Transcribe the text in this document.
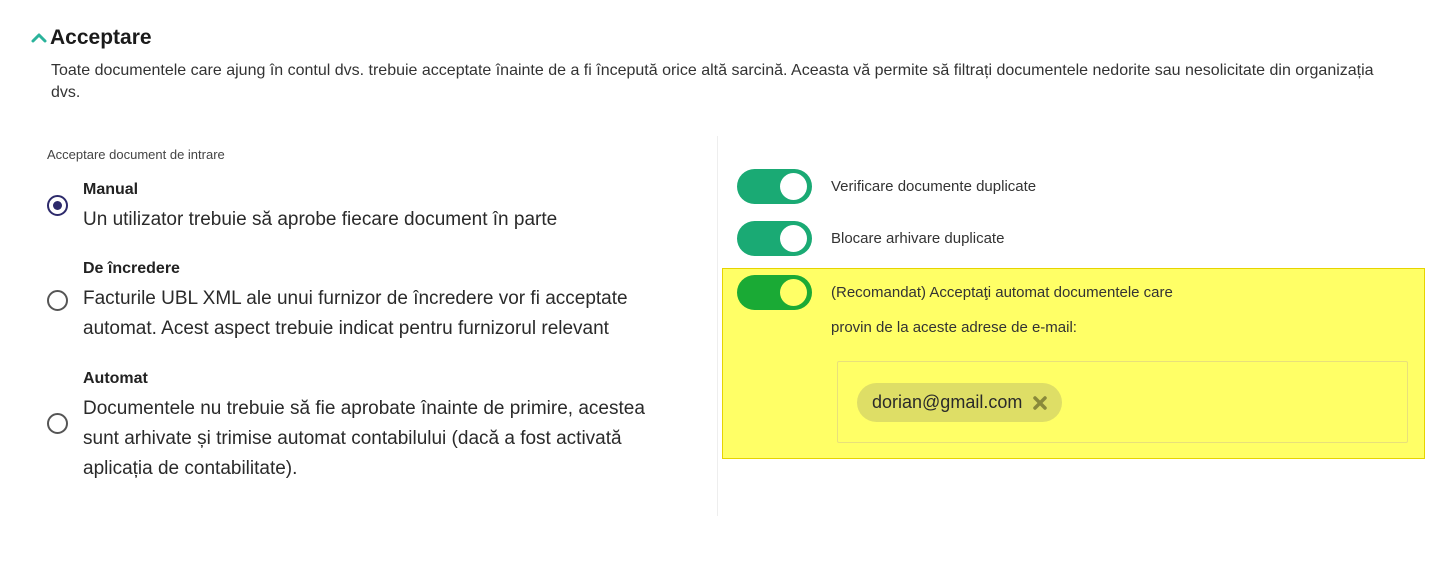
Acceptare
Toate documentele care ajung în contul dvs. trebuie acceptate înainte de a fi începută orice altă sarcină. Aceasta vă permite să filtrați documentele nedorite sau nesolicitate din organizația dvs.
Acceptare document de intrare
Manual
Un utilizator trebuie să aprobe fiecare document în parte
De încredere
Facturile UBL XML ale unui furnizor de încredere vor fi acceptate automat. Acest aspect trebuie indicat pentru furnizorul relevant
Automat
Documentele nu trebuie să fie aprobate înainte de primire, acestea sunt arhivate și trimise automat contabilului (dacă a fost activată aplicația de contabilitate).
Verificare documente duplicate
Blocare arhivare duplicate
(Recomandat) Acceptaţi automat documentele care
provin de la aceste adrese de e-mail:
dorian@gmail.com
